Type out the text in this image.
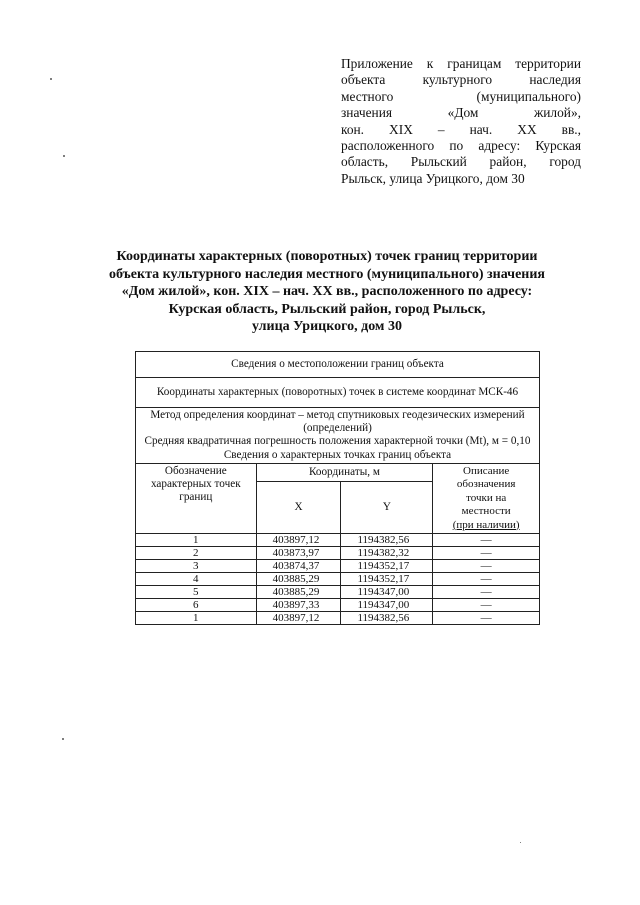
Приложение к границам территории
объекта культурного наследия
местного (муниципального)
значения «Дом жилой»,
кон. XIX – нач. XX вв.,
расположенного по адресу: Курская
область, Рыльский район, город
Рыльск, улица Урицкого, дом 30
Координаты характерных (поворотных) точек границ территории
объекта культурного наследия местного (муниципального) значения
«Дом жилой», кон. XIX – нач. XX вв., расположенного по адресу:
Курская область, Рыльский район, город Рыльск,
улица Урицкого, дом 30
Сведения о местоположении границ объекта			
Координаты характерных (поворотных) точек в системе координат МСК-46			

Метод определения координат – метод спутниковых геодезических измерений (определений)
Средняя квадратичная погрешность положения характерной точки (Mt), м = 0,10
Сведения о характерных точках границ объекта			

Обозначение характерных точек границ	Координаты, м		Описание
обозначения
точки на
местности
(при наличии)
	X	Y	
1	403897,12	1194382,56	—
2	403873,97	1194382,32	—
3	403874,37	1194352,17	—
4	403885,29	1194352,17	—
5	403885,29	1194347,00	—
6	403897,33	1194347,00	—
1	403897,12	1194382,56	—
